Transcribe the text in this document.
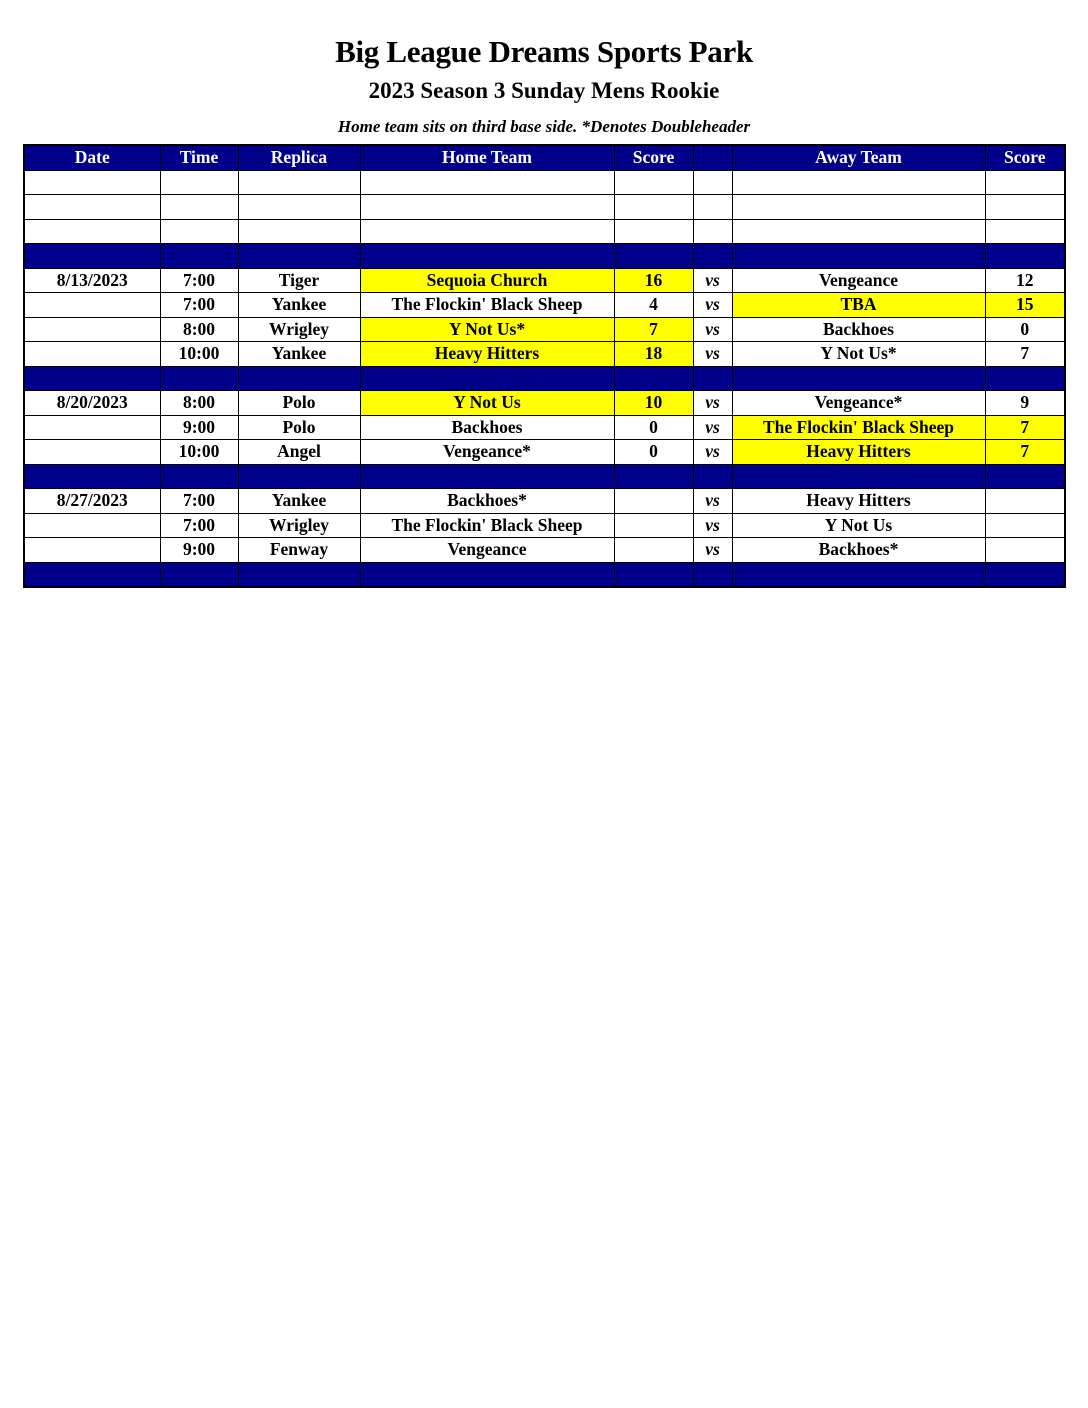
Big League Dreams Sports Park
2023 Season 3 Sunday Mens Rookie
Home team sits on third base side. *Denotes Doubleheader
Date	Time	Replica	Home Team	Score		Away Team	Score

8/13/2023	7:00	Tiger	Sequoia Church	16	vs	Vengeance	12
	7:00	Yankee	The Flockin' Black Sheep	4	vs	TBA	15
	8:00	Wrigley	Y Not Us*	7	vs	Backhoes	0
	10:00	Yankee	Heavy Hitters	18	vs	Y Not Us*	7

8/20/2023	8:00	Polo	Y Not Us	10	vs	Vengeance*	9
	9:00	Polo	Backhoes	0	vs	The Flockin' Black Sheep	7
	10:00	Angel	Vengeance*	0	vs	Heavy Hitters	7

8/27/2023	7:00	Yankee	Backhoes*		vs	Heavy Hitters	
	7:00	Wrigley	The Flockin' Black Sheep		vs	Y Not Us	
	9:00	Fenway	Vengeance		vs	Backhoes*	
